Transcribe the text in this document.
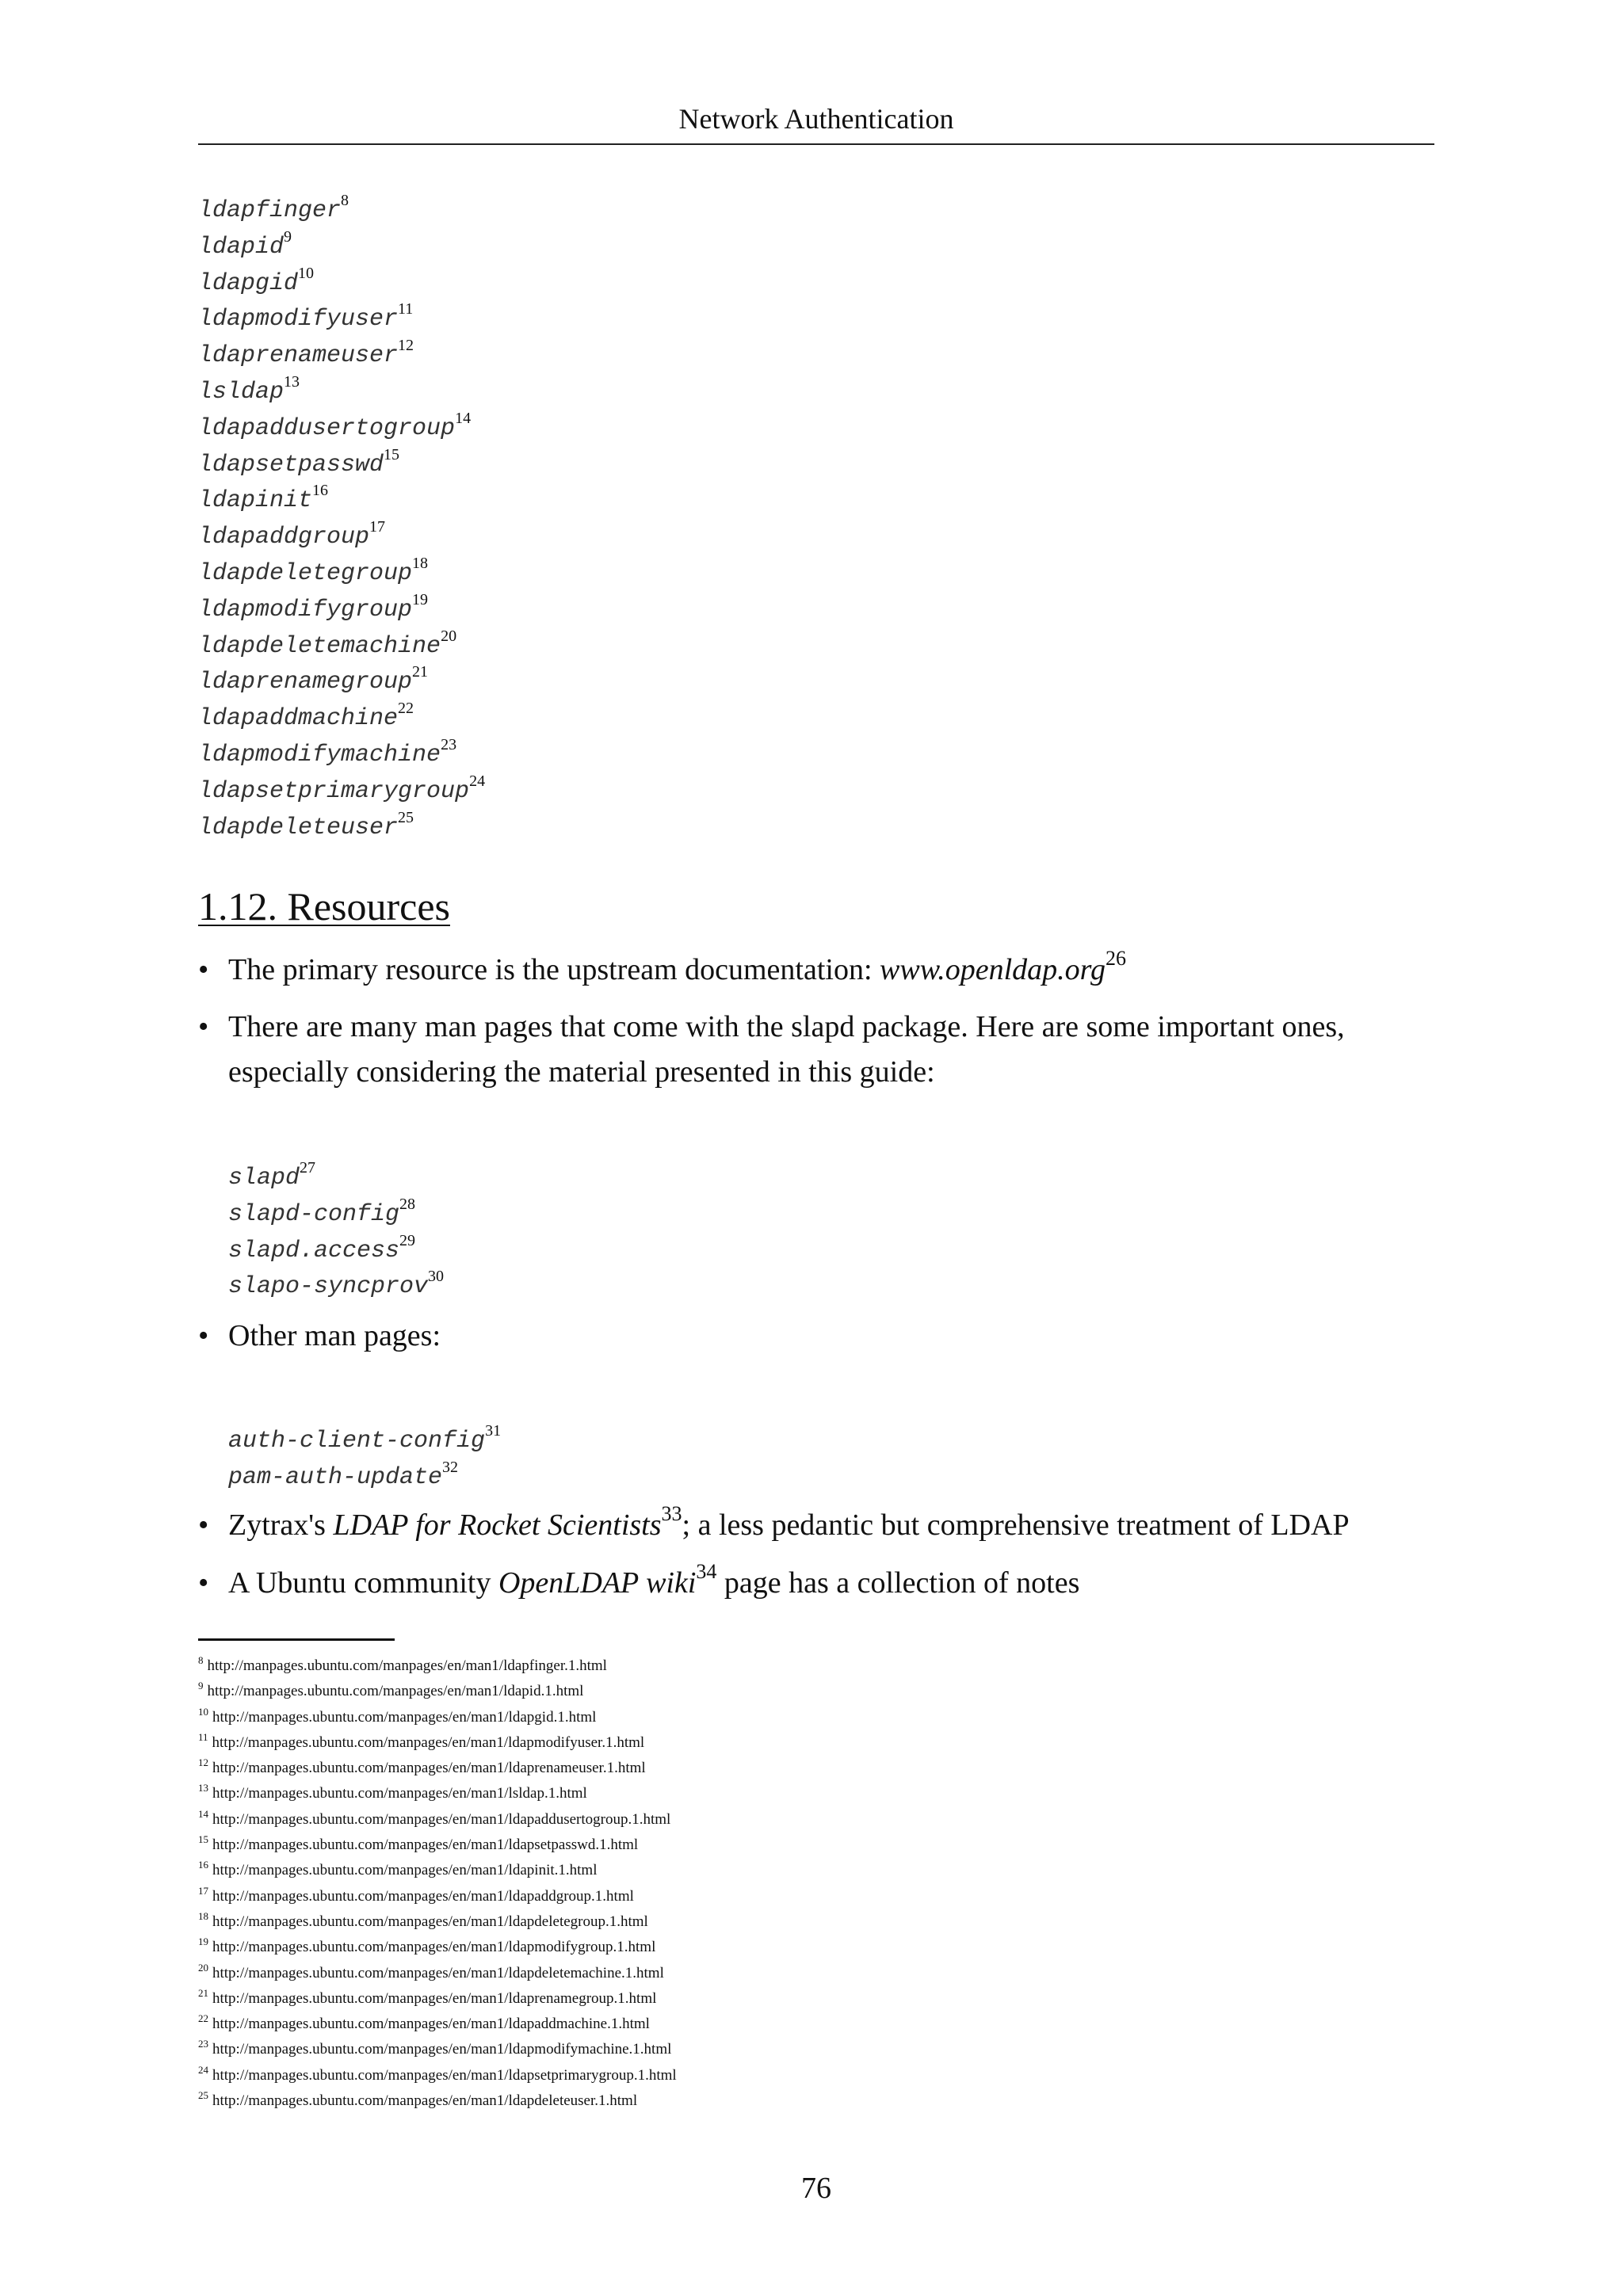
Network Authentication
ldapfinger$^8$
ldapid$^9$
ldapgid$^{10}$
ldapmodifyuser$^{11}$
ldaprenameuser$^{12}$
lsldap$^{13}$
ldapaddusertogroup$^{14}$
ldapsetpasswd$^{15}$
ldapinit$^{16}$
ldapaddgroup$^{17}$
ldapdeletegroup$^{18}$
ldapmodifygroup$^{19}$
ldapdeletemachine$^{20}$
ldaprenamegroup$^{21}$
ldapaddmachine$^{22}$
ldapmodifymachine$^{23}$
ldapsetprimarygroup$^{24}$
ldapdeleteuser$^{25}$
1.12. Resources
• The primary resource is the upstream documentation: www.openldap.org$^{26}$
• There are many man pages that come with the slapd package. Here are some important ones, especially considering the material presented in this guide:
slapd$^{27}$
slapd-config$^{28}$
slapd.access$^{29}$
slapo-syncprov$^{30}$
• Other man pages:
auth-client-config$^{31}$
pam-auth-update$^{32}$
• Zytrax's LDAP for Rocket Scientists$^{33}$; a less pedantic but comprehensive treatment of LDAP
• A Ubuntu community OpenLDAP wiki$^{34}$ page has a collection of notes
$^8$ http://manpages.ubuntu.com/manpages/en/man1/ldapfinger.1.html
$^9$ http://manpages.ubuntu.com/manpages/en/man1/ldapid.1.html
$^{10}$ http://manpages.ubuntu.com/manpages/en/man1/ldapgid.1.html
$^{11}$ http://manpages.ubuntu.com/manpages/en/man1/ldapmodifyuser.1.html
$^{12}$ http://manpages.ubuntu.com/manpages/en/man1/ldaprenameuser.1.html
$^{13}$ http://manpages.ubuntu.com/manpages/en/man1/lsldap.1.html
$^{14}$ http://manpages.ubuntu.com/manpages/en/man1/ldapaddusertogroup.1.html
$^{15}$ http://manpages.ubuntu.com/manpages/en/man1/ldapsetpasswd.1.html
$^{16}$ http://manpages.ubuntu.com/manpages/en/man1/ldapinit.1.html
$^{17}$ http://manpages.ubuntu.com/manpages/en/man1/ldapaddgroup.1.html
$^{18}$ http://manpages.ubuntu.com/manpages/en/man1/ldapdeletegroup.1.html
$^{19}$ http://manpages.ubuntu.com/manpages/en/man1/ldapmodifygroup.1.html
$^{20}$ http://manpages.ubuntu.com/manpages/en/man1/ldapdeletemachine.1.html
$^{21}$ http://manpages.ubuntu.com/manpages/en/man1/ldaprenamegroup.1.html
$^{22}$ http://manpages.ubuntu.com/manpages/en/man1/ldapaddmachine.1.html
$^{23}$ http://manpages.ubuntu.com/manpages/en/man1/ldapmodifymachine.1.html
$^{24}$ http://manpages.ubuntu.com/manpages/en/man1/ldapsetprimarygroup.1.html
$^{25}$ http://manpages.ubuntu.com/manpages/en/man1/ldapdeleteuser.1.html
76
